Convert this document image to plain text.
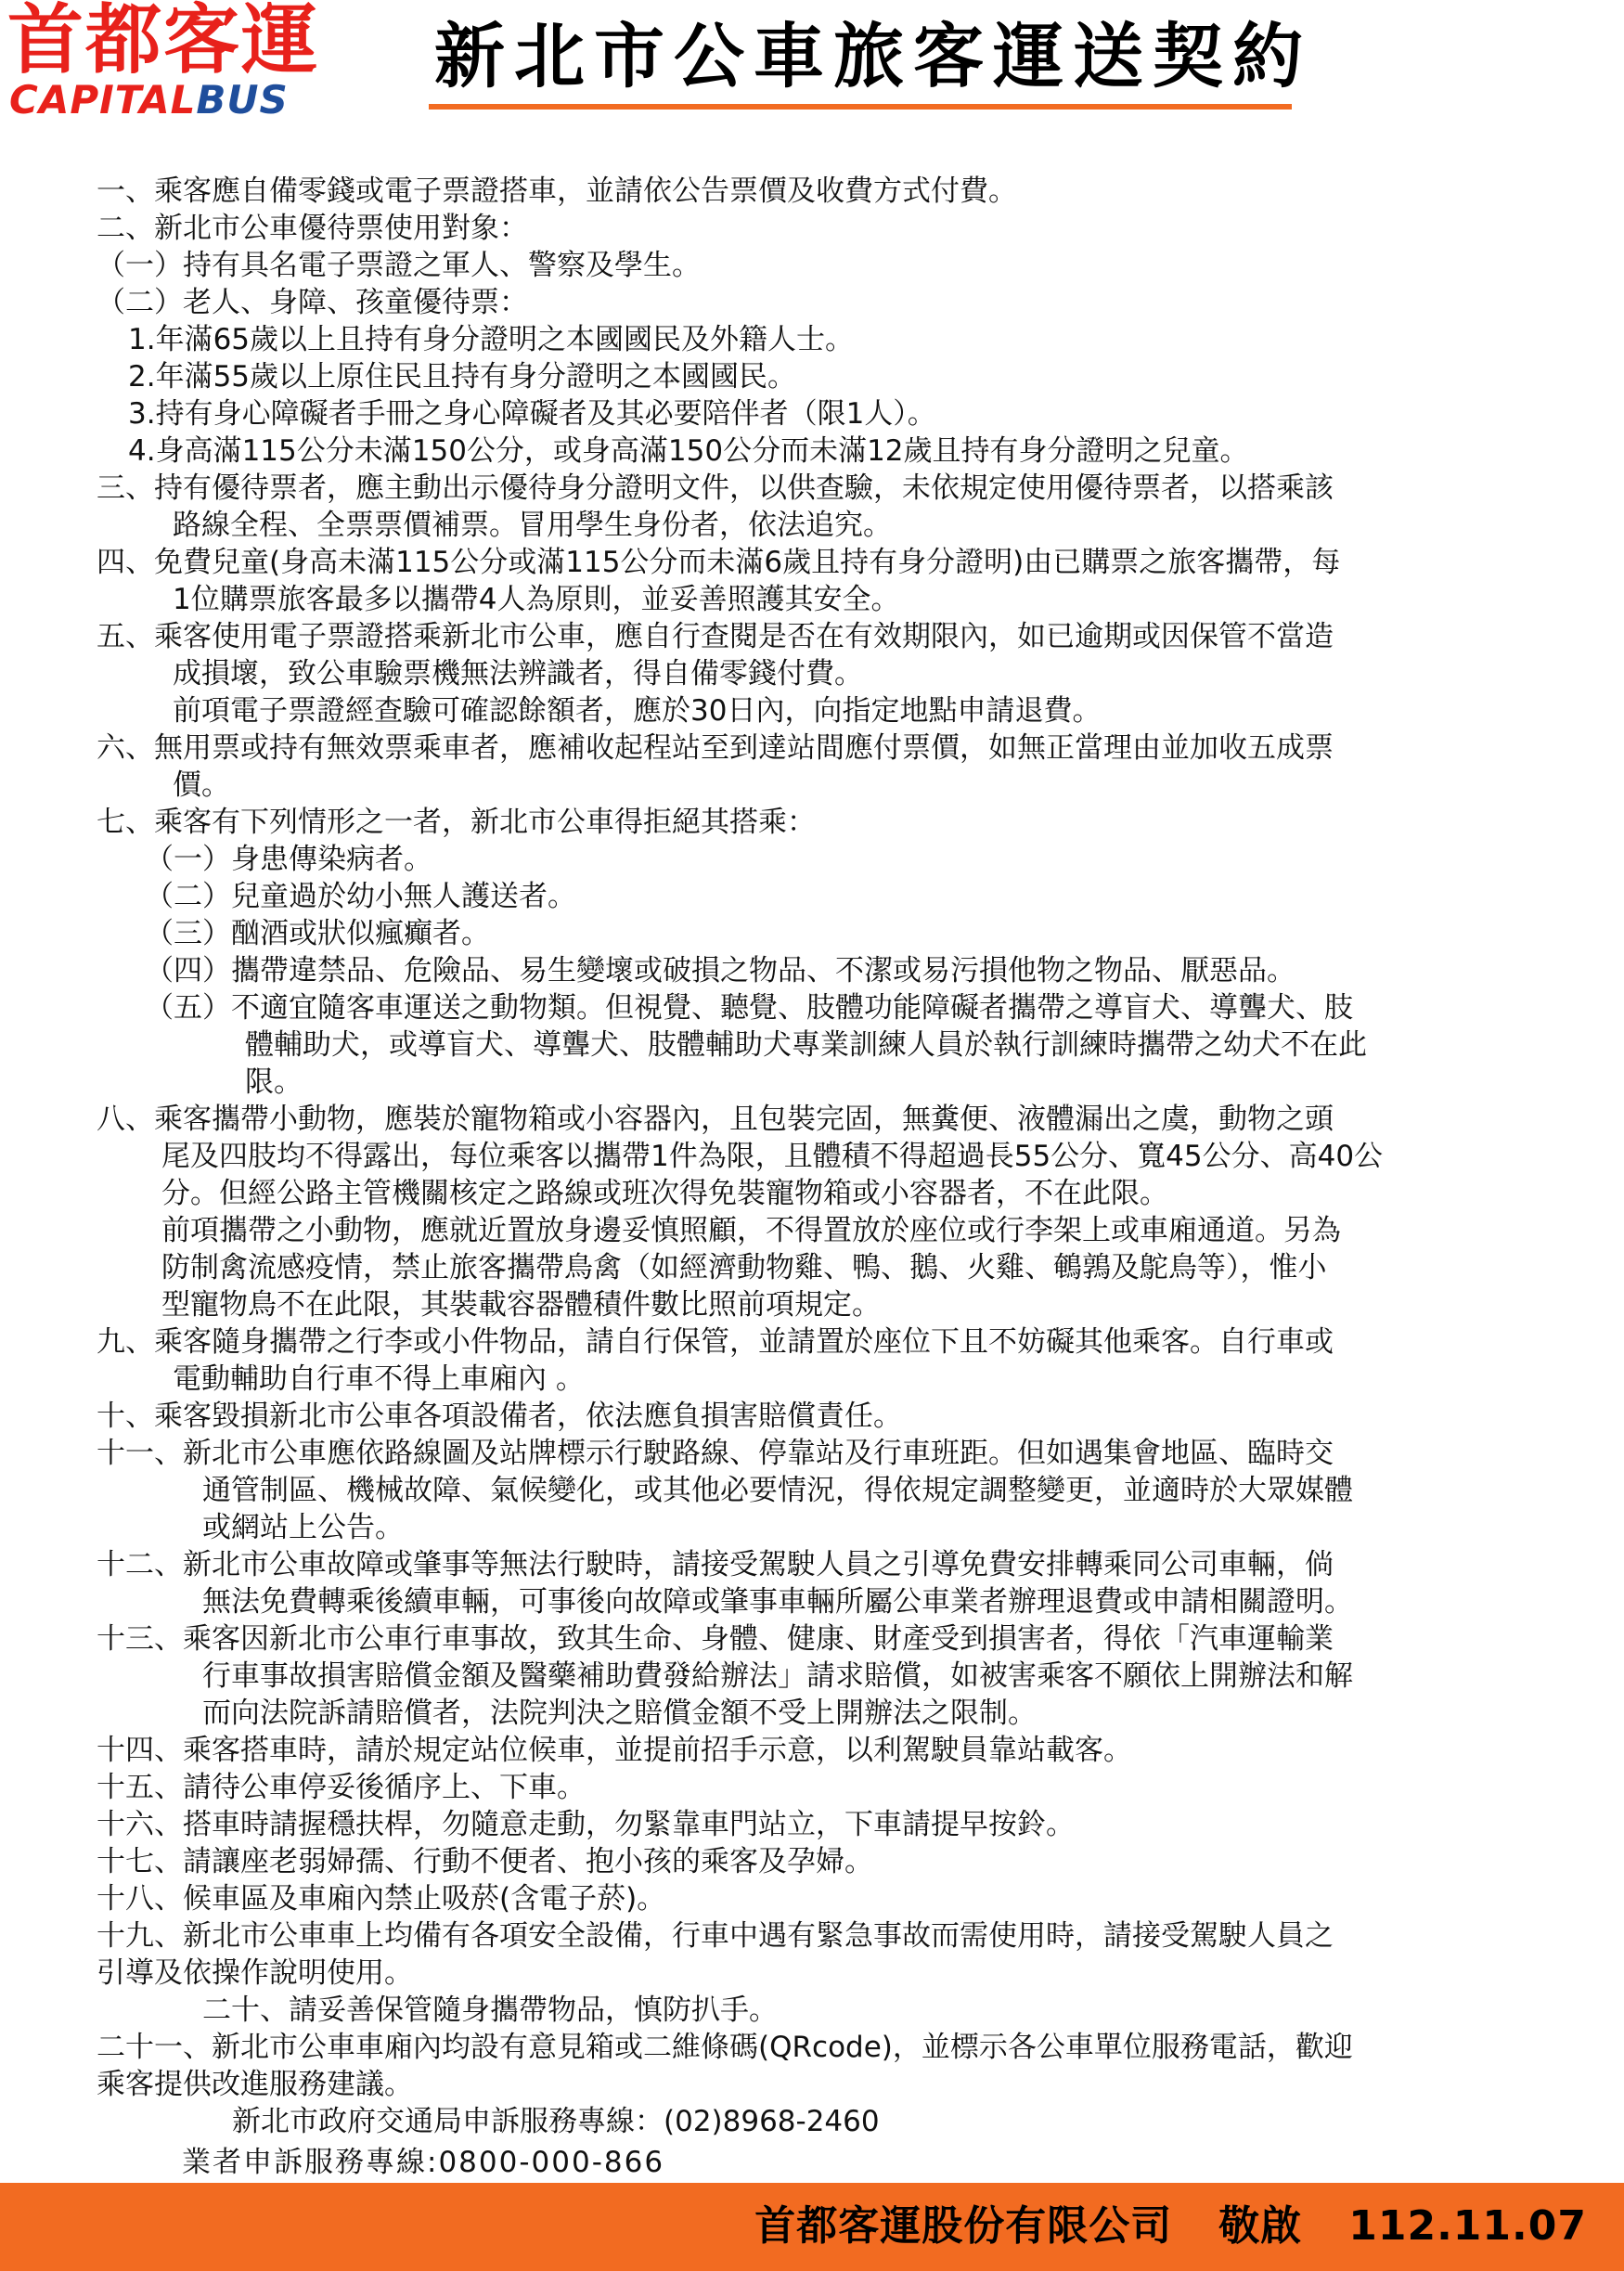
首都客運
CAPITALBUS
新北市公車旅客運送契約
一、乘客應自備零錢或電子票證搭車，並請依公告票價及收費方式付費。
二、新北市公車優待票使用對象：
（一）持有具名電子票證之軍人、警察及學生。
（二）老人、身障、孩童優待票：
1.年滿65歲以上且持有身分證明之本國國民及外籍人士。
2.年滿55歲以上原住民且持有身分證明之本國國民。
3.持有身心障礙者手冊之身心障礙者及其必要陪伴者（限1人）。
4.身高滿115公分未滿150公分，或身高滿150公分而未滿12歲且持有身分證明之兒童。
三、持有優待票者，應主動出示優待身分證明文件，以供查驗，未依規定使用優待票者，以搭乘該
路線全程、全票票價補票。冒用學生身份者，依法追究。
四、免費兒童(身高未滿115公分或滿115公分而未滿6歲且持有身分證明)由已購票之旅客攜帶，每
1位購票旅客最多以攜帶4人為原則，並妥善照護其安全。
五、乘客使用電子票證搭乘新北市公車，應自行查閱是否在有效期限內，如已逾期或因保管不當造
成損壞，致公車驗票機無法辨識者，得自備零錢付費。
前項電子票證經查驗可確認餘額者，應於30日內，向指定地點申請退費。
六、無用票或持有無效票乘車者，應補收起程站至到達站間應付票價，如無正當理由並加收五成票
價。
七、乘客有下列情形之一者，新北市公車得拒絕其搭乘：
（一）身患傳染病者。
（二）兒童過於幼小無人護送者。
（三）酗酒或狀似瘋癲者。
（四）攜帶違禁品、危險品、易生變壞或破損之物品、不潔或易污損他物之物品、厭惡品。
（五）不適宜隨客車運送之動物類。但視覺、聽覺、肢體功能障礙者攜帶之導盲犬、導聾犬、肢
體輔助犬，或導盲犬、導聾犬、肢體輔助犬專業訓練人員於執行訓練時攜帶之幼犬不在此
限。
八、乘客攜帶小動物，應裝於寵物箱或小容器內，且包裝完固，無糞便、液體漏出之虞，動物之頭
尾及四肢均不得露出，每位乘客以攜帶1件為限，且體積不得超過長55公分、寬45公分、高40公
分。但經公路主管機關核定之路線或班次得免裝寵物箱或小容器者，不在此限。
前項攜帶之小動物，應就近置放身邊妥慎照顧，不得置放於座位或行李架上或車廂通道。另為
防制禽流感疫情，禁止旅客攜帶鳥禽（如經濟動物雞、鴨、鵝、火雞、鵪鶉及鴕鳥等），惟小
型寵物鳥不在此限，其裝載容器體積件數比照前項規定。
九、乘客隨身攜帶之行李或小件物品，請自行保管，並請置於座位下且不妨礙其他乘客。自行車或
電動輔助自行車不得上車廂內 。
十、乘客毀損新北市公車各項設備者，依法應負損害賠償責任。
十一、新北市公車應依路線圖及站牌標示行駛路線、停靠站及行車班距。但如遇集會地區、臨時交
通管制區、機械故障、氣候變化，或其他必要情況，得依規定調整變更，並適時於大眾媒體
或網站上公告。
十二、新北市公車故障或肇事等無法行駛時，請接受駕駛人員之引導免費安排轉乘同公司車輛，倘
無法免費轉乘後續車輛，可事後向故障或肇事車輛所屬公車業者辦理退費或申請相關證明。
十三、乘客因新北市公車行車事故，致其生命、身體、健康、財產受到損害者，得依「汽車運輸業
行車事故損害賠償金額及醫藥補助費發給辦法」請求賠償，如被害乘客不願依上開辦法和解
而向法院訴請賠償者，法院判決之賠償金額不受上開辦法之限制。
十四、乘客搭車時，請於規定站位候車，並提前招手示意，以利駕駛員靠站載客。
十五、請待公車停妥後循序上、下車。
十六、搭車時請握穩扶桿，勿隨意走動，勿緊靠車門站立，下車請提早按鈴。
十七、請讓座老弱婦孺、行動不便者、抱小孩的乘客及孕婦。
十八、候車區及車廂內禁止吸菸(含電子菸)。
十九、新北市公車車上均備有各項安全設備，行車中遇有緊急事故而需使用時，請接受駕駛人員之
引導及依操作說明使用。
二十、請妥善保管隨身攜帶物品，慎防扒手。
二十一、新北市公車車廂內均設有意見箱或二維條碼(QRcode)，並標示各公車單位服務電話，歡迎
乘客提供改進服務建議。
新北市政府交通局申訴服務專線：(02)8968-2460
業者申訴服務專線:0800-000-866
首都客運股份有限公司 敬啟 112.11.07
